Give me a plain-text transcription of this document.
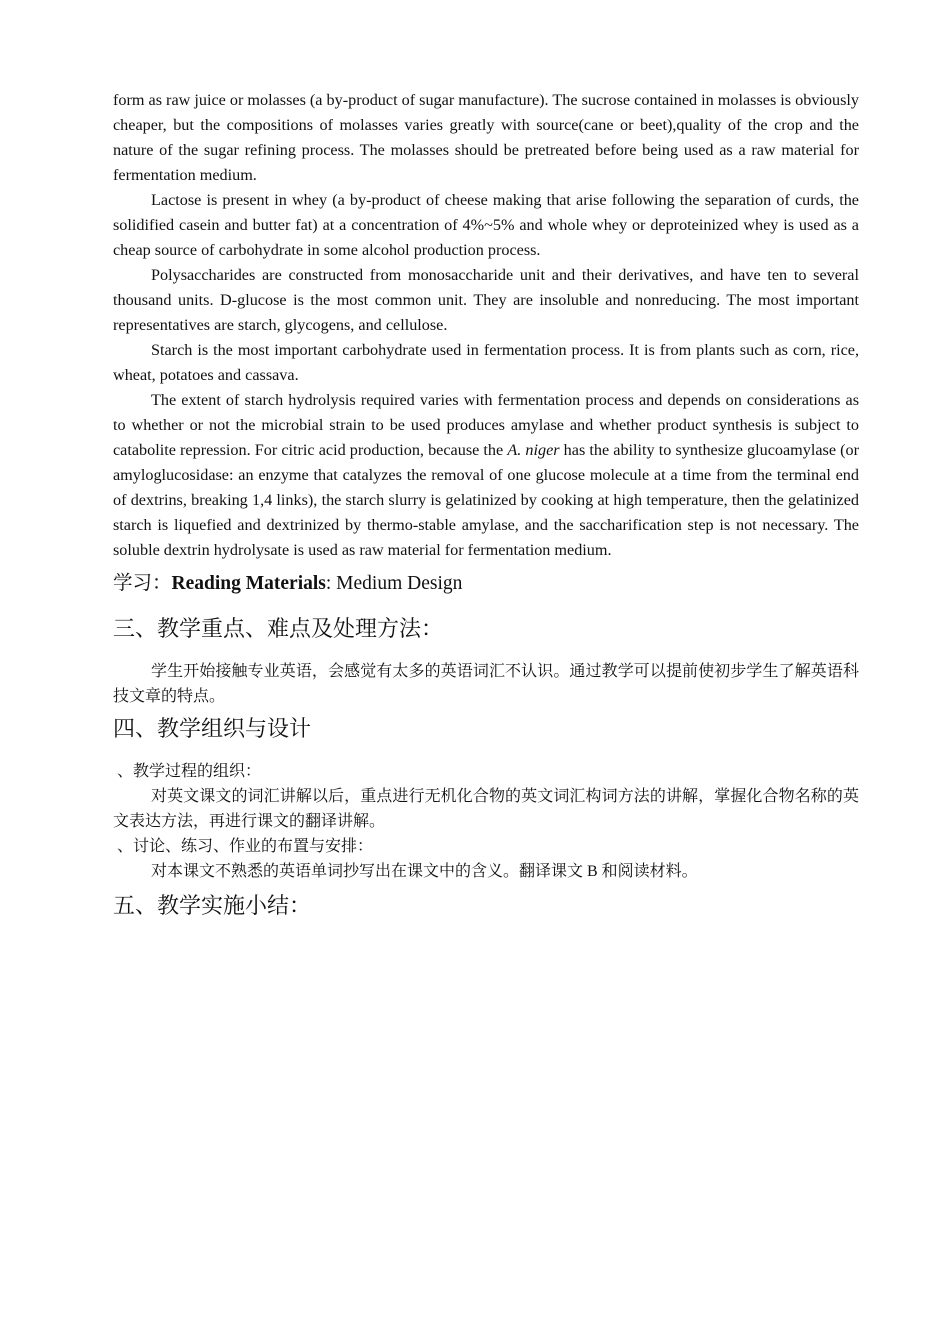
form as raw juice or molasses (a by-product of sugar manufacture). The sucrose contained in molasses is obviously cheaper, but the compositions of molasses varies greatly with source(cane or beet),quality of the crop and the nature of the sugar refining process. The molasses should be pretreated before being used as a raw material for fermentation medium.

Lactose is present in whey (a by-product of cheese making that arise following the separation of curds, the solidified casein and butter fat) at a concentration of 4%~5% and whole whey or deproteinized whey is used as a cheap source of carbohydrate in some alcohol production process.

Polysaccharides are constructed from monosaccharide unit and their derivatives, and have ten to several thousand units. D-glucose is the most common unit. They are insoluble and nonreducing. The most important representatives are starch, glycogens, and cellulose.

Starch is the most important carbohydrate used in fermentation process. It is from plants such as corn, rice, wheat, potatoes and cassava.

The extent of starch hydrolysis required varies with fermentation process and depends on considerations as to whether or not the microbial strain to be used produces amylase and whether product synthesis is subject to catabolite repression. For citric acid production, because the A. niger has the ability to synthesize glucoamylase (or amyloglucosidase: an enzyme that catalyzes the removal of one glucose molecule at a time from the terminal end of dextrins, breaking 1,4 links), the starch slurry is gelatinized by cooking at high temperature, then the gelatinized starch is liquefied and dextrinized by thermo-stable amylase, and the saccharification step is not necessary. The soluble dextrin hydrolysate is used as raw material for fermentation medium.

学习：Reading Materials: Medium Design

三、教学重点、难点及处理方法：

学生开始接触专业英语，会感觉有太多的英语词汇不认识。通过教学可以提前使初步学生了解英语科技文章的特点。

四、教学组织与设计

、教学过程的组织：

对英文课文的词汇讲解以后，重点进行无机化合物的英文词汇构词方法的讲解，掌握化合物名称的英文表达方法，再进行课文的翻译讲解。

、讨论、练习、作业的布置与安排：

对本课文不熟悉的英语单词抄写出在课文中的含义。翻译课文 B 和阅读材料。

五、教学实施小结：
